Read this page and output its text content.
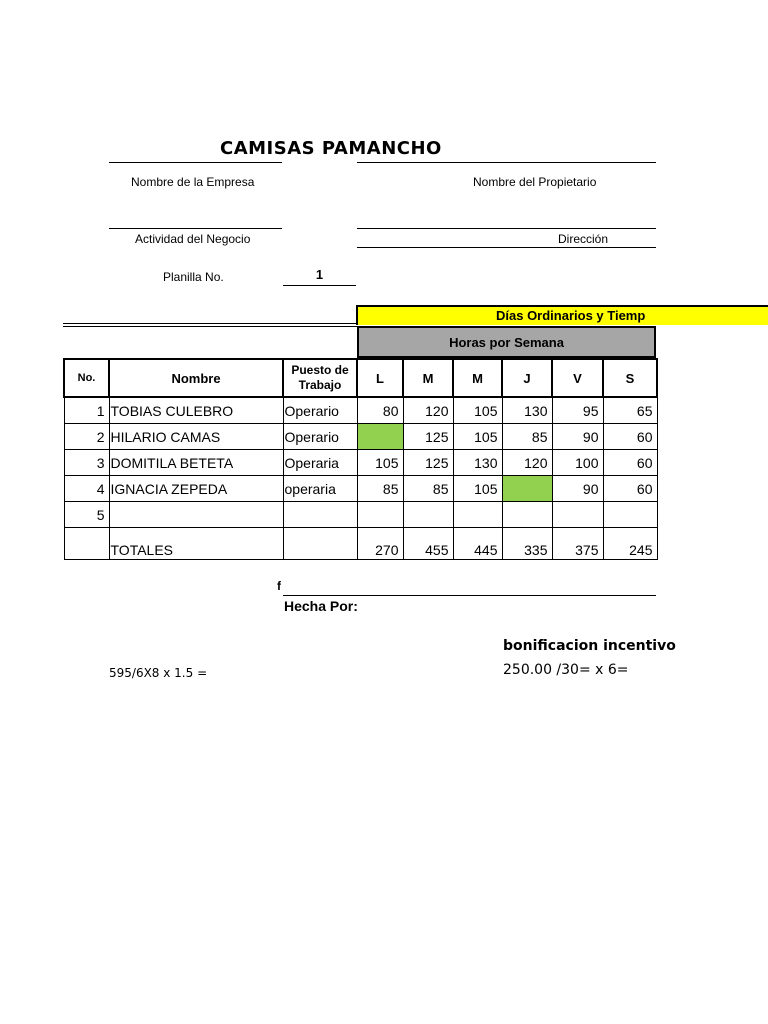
CAMISAS PAMANCHO
Nombre de la Empresa	Nombre del Propietario
Actividad del Negocio	Dirección
Planilla No.	1
Días Ordinarios y Tiemp
Horas por Semana
No.	Nombre	Puesto de Trabajo	L	M	M	J	V	S
1	TOBIAS CULEBRO	Operario	80	120	105	130	95	65
2	HILARIO CAMAS	Operario		125	105	85	90	60
3	DOMITILA BETETA	Operaria	105	125	130	120	100	60
4	IGNACIA ZEPEDA	operaria	85	85	105		90	60
5								
	TOTALES		270	455	445	335	375	245
f
Hecha Por:
bonificacion incentivo
595/6X8 x 1.5 =	250.00 /30= x 6=
